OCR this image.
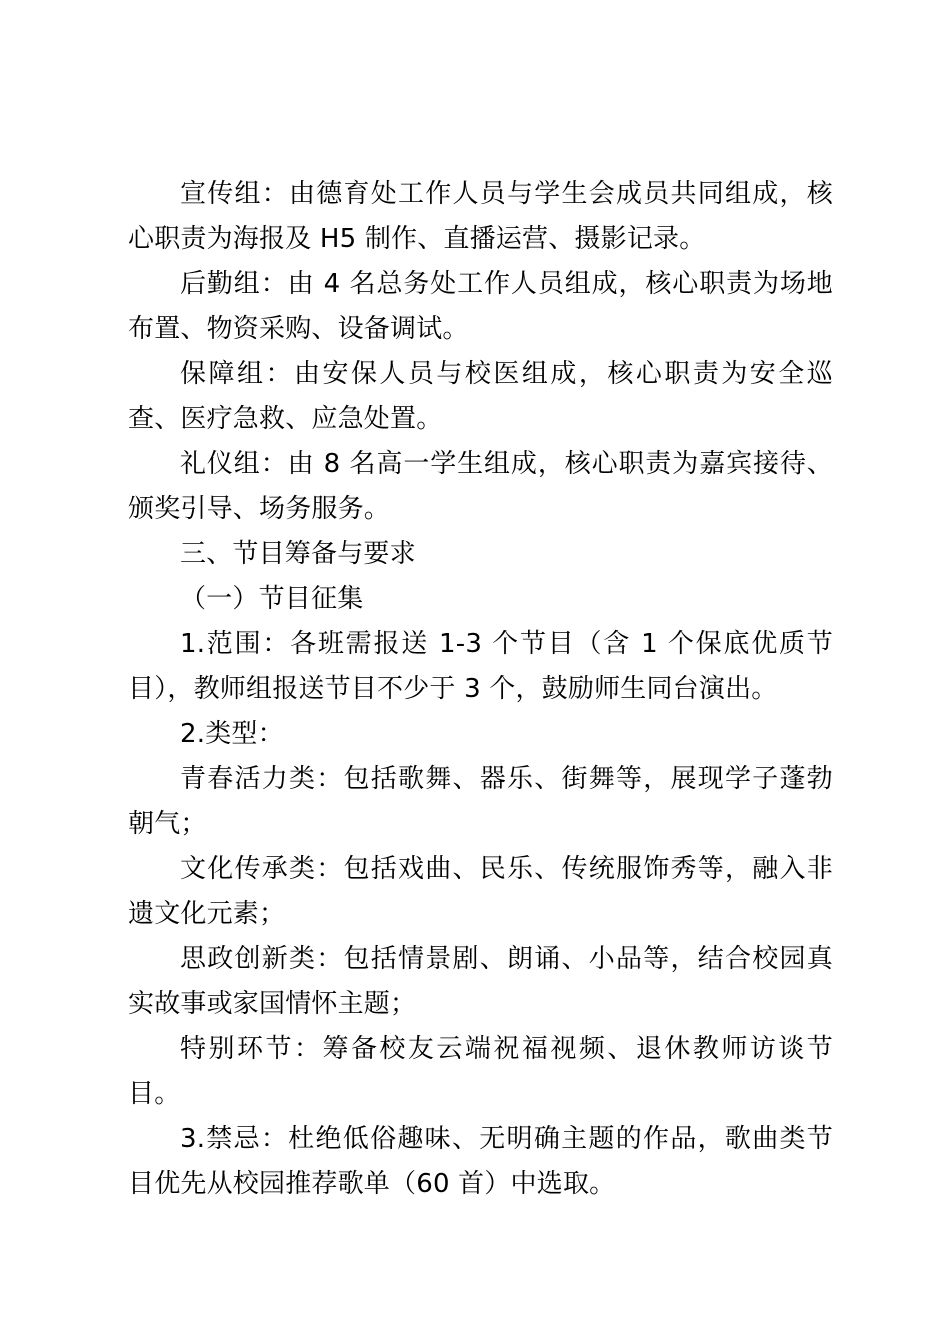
宣传组：由德育处工作人员与学生会成员共同组成，核心职责为海报及 H5 制作、直播运营、摄影记录。

后勤组：由 4 名总务处工作人员组成，核心职责为场地布置、物资采购、设备调试。

保障组：由安保人员与校医组成，核心职责为安全巡查、医疗急救、应急处置。

礼仪组：由 8 名高一学生组成，核心职责为嘉宾接待、颁奖引导、场务服务。

三、节目筹备与要求

（一）节目征集

1.范围：各班需报送 1-3 个节目（含 1 个保底优质节目），教师组报送节目不少于 3 个，鼓励师生同台演出。

2.类型：

青春活力类：包括歌舞、器乐、街舞等，展现学子蓬勃朝气；

文化传承类：包括戏曲、民乐、传统服饰秀等，融入非遗文化元素；

思政创新类：包括情景剧、朗诵、小品等，结合校园真实故事或家国情怀主题；

特别环节：筹备校友云端祝福视频、退休教师访谈节目。

3.禁忌：杜绝低俗趣味、无明确主题的作品，歌曲类节目优先从校园推荐歌单（60 首）中选取。
